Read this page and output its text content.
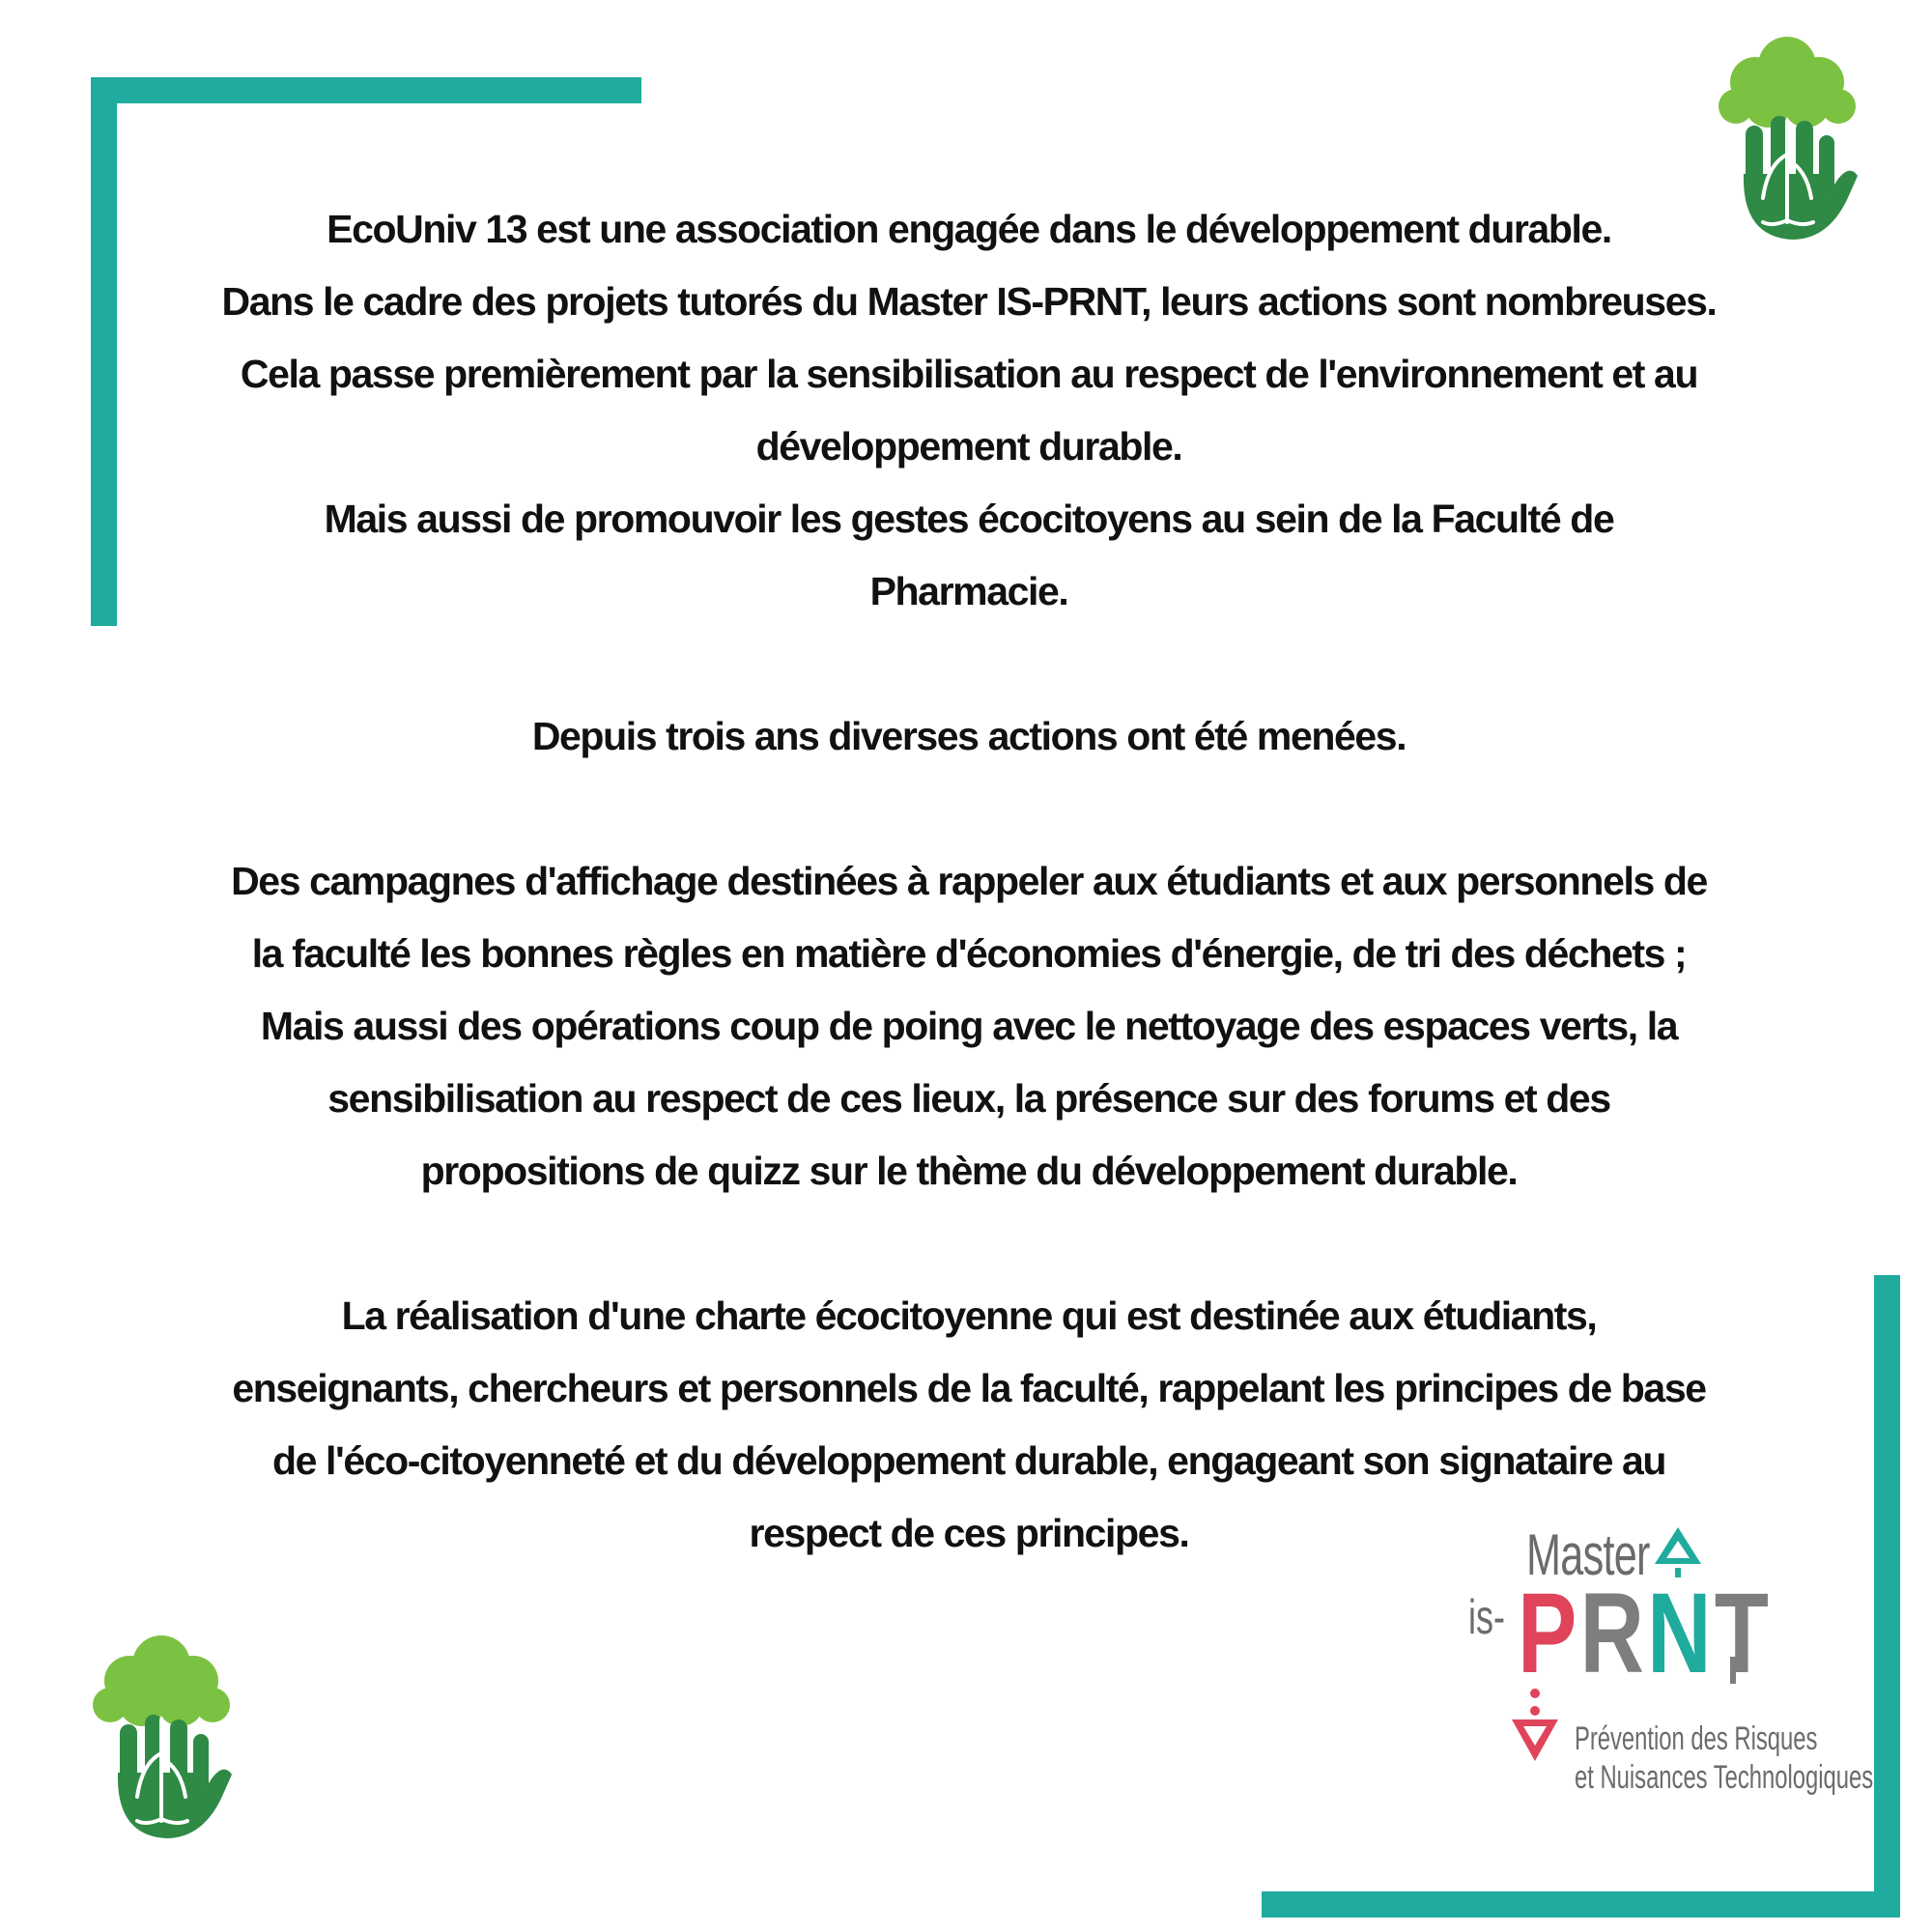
EcoUniv 13 est une association engagée dans le développement durable.
Dans le cadre des projets tutorés du Master IS-PRNT, leurs actions sont nombreuses.
Cela passe premièrement par la sensibilisation au respect de l'environnement et au
développement durable.
Mais aussi de promouvoir les gestes écocitoyens au sein de la Faculté de
Pharmacie.

Depuis trois ans diverses actions ont été menées.

Des campagnes d'affichage destinées à rappeler aux étudiants et aux personnels de
la faculté les bonnes règles en matière d'économies d'énergie, de tri des déchets ;
Mais aussi des opérations coup de poing avec le nettoyage des espaces verts, la
sensibilisation au respect de ces lieux, la présence sur des forums et des
propositions de quizz sur le thème du développement durable.

La réalisation d'une charte écocitoyenne qui est destinée aux étudiants,
enseignants, chercheurs et personnels de la faculté, rappelant les principes de base
de l'éco-citoyenneté et du développement durable, engageant son signataire au
respect de ces principes.	Master

is- PRNT

Prévention des Risques
et Nuisances Technologiques
